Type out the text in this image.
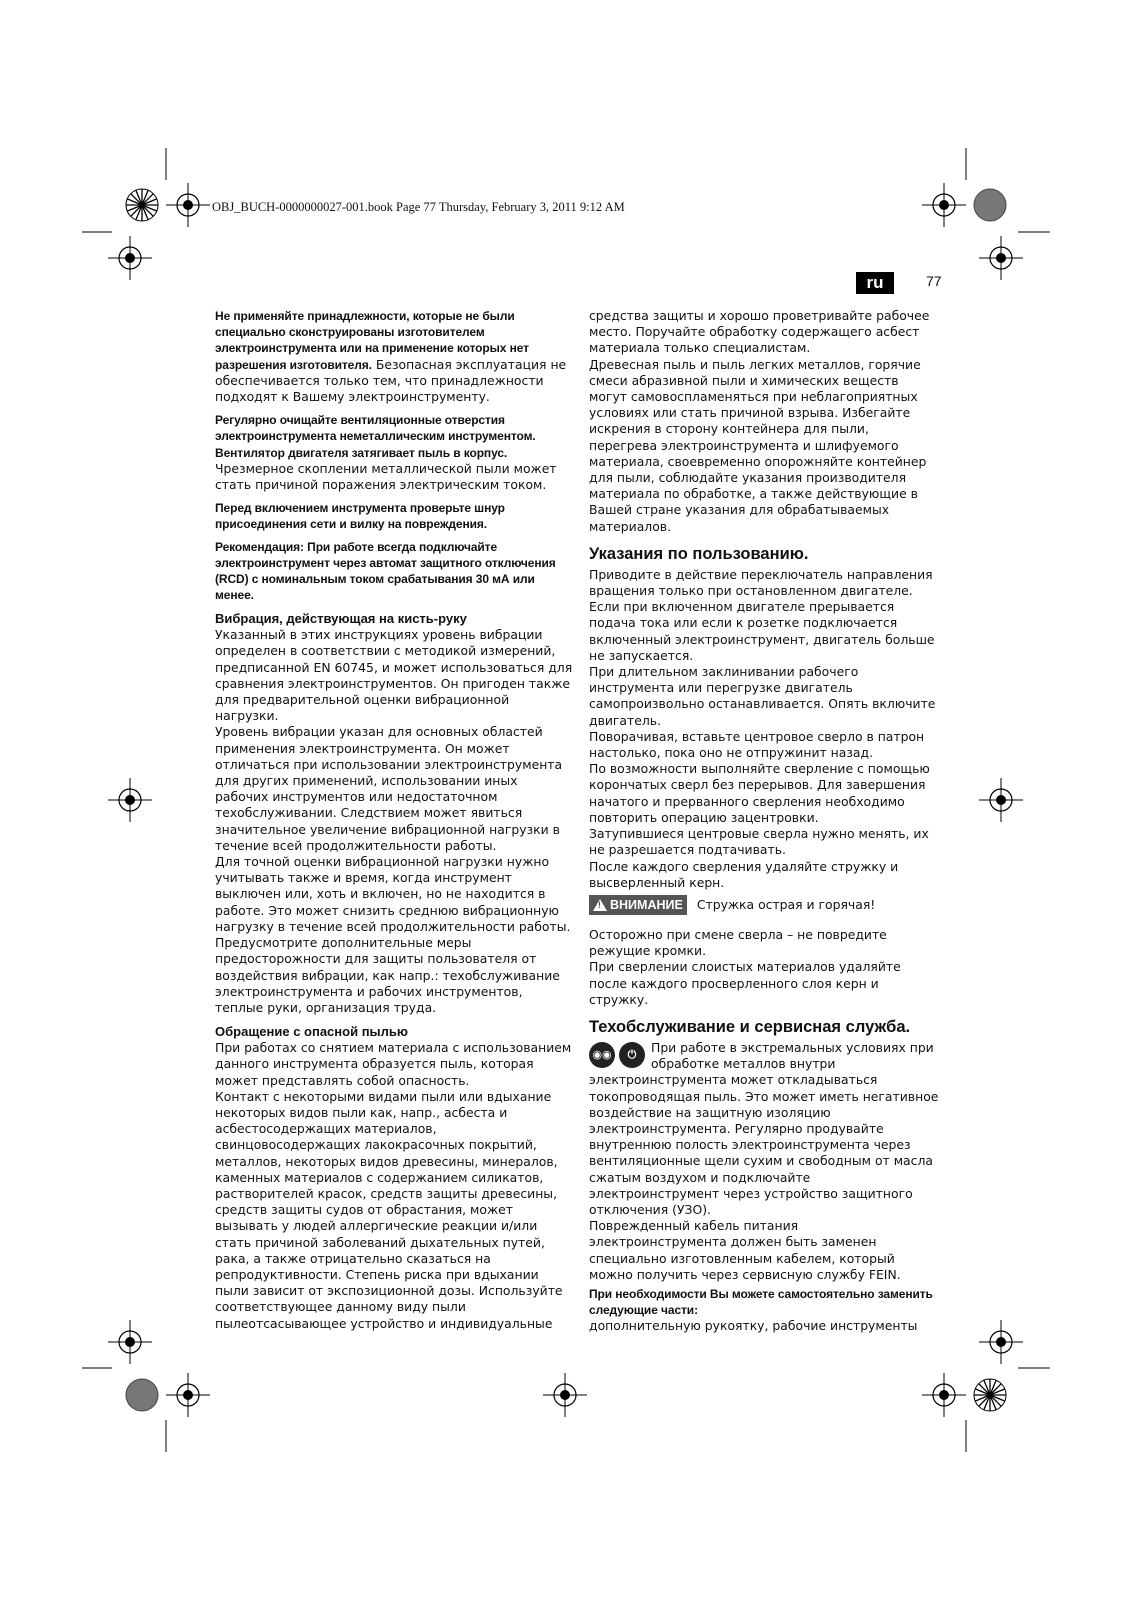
OBJ_BUCH-0000000027-001.book Page 77 Thursday, February 3, 2011 9:12 AM
ru	77

Не применяйте принадлежности, которые не были специально сконструированы изготовителем электроинструмента или на применение которых нет разрешения изготовителя. Безопасная эксплуатация не обеспечивается только тем, что принадлежности подходят к Вашему электроинструменту.

Регулярно очищайте вентиляционные отверстия электроинструмента неметаллическим инструментом. Вентилятор двигателя затягивает пыль в корпус. Чрезмерное скоплении металлической пыли может стать причиной поражения электрическим током.

Перед включением инструмента проверьте шнур присоединения сети и вилку на повреждения.

Рекомендация: При работе всегда подключайте электроинструмент через автомат защитного отключения (RCD) с номинальным током срабатывания 30 мА или менее.

Вибрация, действующая на кисть-руку

Указанный в этих инструкциях уровень вибрации определен в соответствии с методикой измерений, предписанной EN 60745, и может использоваться для сравнения электроинструментов. Он пригоден также для предварительной оценки вибрационной нагрузки.

Уровень вибрации указан для основных областей применения электроинструмента. Он может отличаться при использовании электроинструмента для других применений, использовании иных рабочих инструментов или недостаточном техобслуживании. Следствием может явиться значительное увеличение вибрационной нагрузки в течение всей продолжительности работы.

Для точной оценки вибрационной нагрузки нужно учитывать также и время, когда инструмент выключен или, хоть и включен, но не находится в работе. Это может снизить среднюю вибрационную нагрузку в течение всей продолжительности работы.

Предусмотрите дополнительные меры предосторожности для защиты пользователя от воздействия вибрации, как напр.: техобслуживание электроинструмента и рабочих инструментов, теплые руки, организация труда.

Обращение с опасной пылью

При работах со снятием материала с использованием данного инструмента образуется пыль, которая может представлять собой опасность.

Контакт с некоторыми видами пыли или вдыхание некоторых видов пыли как, напр., асбеста и асбестосодержащих материалов, свинцовосодержащих лакокрасочных покрытий, металлов, некоторых видов древесины, минералов, каменных материалов с содержанием силикатов, растворителей красок, средств защиты древесины, средств защиты судов от обрастания, может вызывать у людей аллергические реакции и/или стать причиной заболеваний дыхательных путей, рака, а также отрицательно сказаться на репродуктивности. Степень риска при вдыхании пыли зависит от экспозиционной дозы. Используйте соответствующее данному виду пыли пылеотсасывающее устройство и индивидуальные

средства защиты и хорошо проветривайте рабочее место. Поручайте обработку содержащего асбест материала только специалистам.

Древесная пыль и пыль легких металлов, горячие смеси абразивной пыли и химических веществ могут самовоспламеняться при неблагоприятных условиях или стать причиной взрыва. Избегайте искрения в сторону контейнера для пыли, перегрева электроинструмента и шлифуемого материала, своевременно опорожняйте контейнер для пыли, соблюдайте указания производителя материала по обработке, а также действующие в Вашей стране указания для обрабатываемых материалов.

Указания по пользованию.

Приводите в действие переключатель направления вращения только при остановленном двигателе.

Если при включенном двигателе прерывается подача тока или если к розетке подключается включенный электроинструмент, двигатель больше не запускается.

При длительном заклинивании рабочего инструмента или перегрузке двигатель самопроизвольно останавливается. Опять включите двигатель.

Поворачивая, вставьте центровое сверло в патрон настолько, пока оно не отпружинит назад.

По возможности выполняйте сверление с помощью корончатых сверл без перерывов. Для завершения начатого и прерванного сверления необходимо повторить операцию зацентровки.

Затупившиеся центровые сверла нужно менять, их не разрешается подтачивать.

После каждого сверления удаляйте стружку и высверленный керн.

! ВНИМАНИЕ Стружка острая и горячая!

Осторожно при смене сверла – не повредите режущие кромки.

При сверлении слоистых материалов удаляйте после каждого просверленного слоя керн и стружку.

Техобслуживание и сервисная служба.

◉◉	⏻	При работе в экстремальных условиях при обработке металлов внутри электроинструмента может откладываться токопроводящая пыль. Это может иметь негативное воздействие на защитную изоляцию электроинструмента. Регулярно продувайте внутреннюю полость электроинструмента через вентиляционные щели сухим и свободным от масла сжатым воздухом и подключайте электроинструмент через устройство защитного отключения (УЗО).

Поврежденный кабель питания электроинструмента должен быть заменен специально изготовленным кабелем, который можно получить через сервисную службу FEIN.

При необходимости Вы можете самостоятельно заменить следующие части:

дополнительную рукоятку, рабочие инструменты
